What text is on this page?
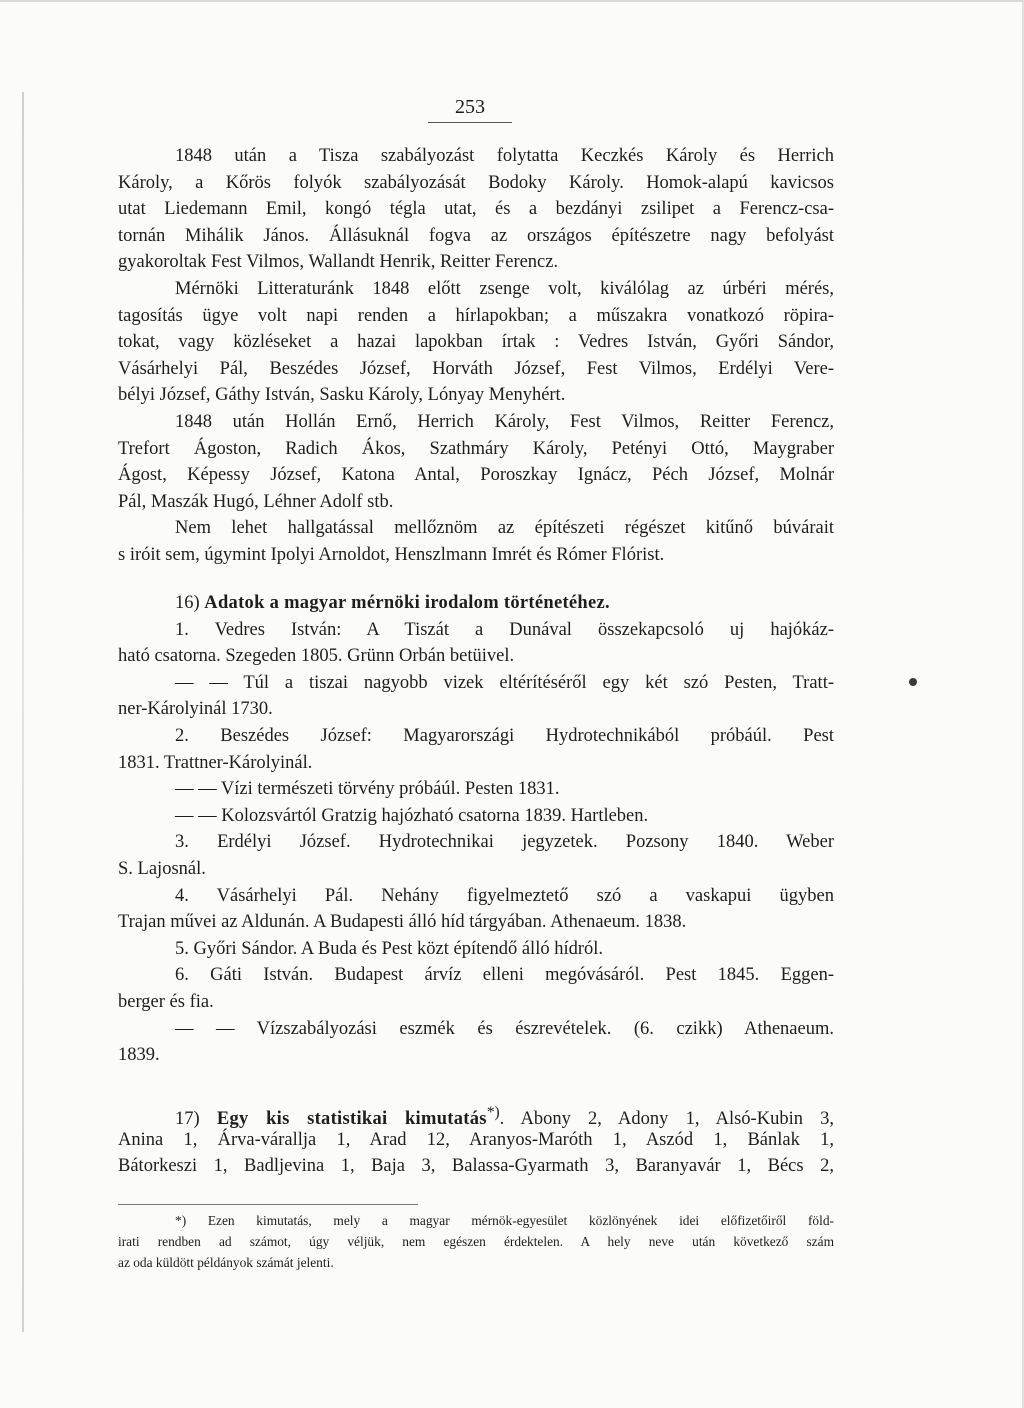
253
1848 után a Tisza szabályozást folytatta Keczkés Károly és Herrich
Károly, a Kőrös folyók szabályozását Bodoky Károly. Homok-alapú kavicsos
utat Liedemann Emil, kongó tégla utat, és a bezdányi zsilipet a Ferencz-csa-
tornán Mihálik János. Állásuknál fogva az országos építészetre nagy befolyást
gyakoroltak Fest Vilmos, Wallandt Henrik, Reitter Ferencz.
Mérnöki Litteraturánk 1848 előtt zsenge volt, kiválólag az úrbéri mérés,
tagosítás ügye volt napi renden a hírlapokban; a műszakra vonatkozó röpira-
tokat, vagy közléseket a hazai lapokban írtak : Vedres István, Győri Sándor,
Vásárhelyi Pál, Beszédes József, Horváth József, Fest Vilmos, Erdélyi Vere-
bélyi József, Gáthy István, Sasku Károly, Lónyay Menyhért.
1848 után Hollán Ernő, Herrich Károly, Fest Vilmos, Reitter Ferencz,
Trefort Ágoston, Radich Ákos, Szathmáry Károly, Petényi Ottó, Maygraber
Ágost, Képessy József, Katona Antal, Poroszkay Ignácz, Péch József, Molnár
Pál, Maszák Hugó, Léhner Adolf stb.
Nem lehet hallgatással mellőznöm az építészeti régészet kitűnő búvárait
s iróit sem, úgymint Ipolyi Arnoldot, Henszlmann Imrét és Rómer Flórist.
16) Adatok a magyar mérnöki irodalom történetéhez.
1. Vedres István: A Tiszát a Dunával összekapcsoló uj hajókáz-
ható csatorna. Szegeden 1805. Grünn Orbán betüivel.
— — Túl a tiszai nagyobb vizek eltérítéséről egy két szó Pesten, Tratt-
ner-Károlyinál 1730.
2. Beszédes József: Magyarországi Hydrotechnikából próbáúl. Pest
1831. Trattner-Károlyinál.
— — Vízi természeti törvény próbáúl. Pesten 1831.
— — Kolozsvártól Gratzig hajózható csatorna 1839. Hartleben.
3. Erdélyi József. Hydrotechnikai jegyzetek. Pozsony 1840. Weber
S. Lajosnál.
4. Vásárhelyi Pál. Nehány figyelmeztető szó a vaskapui ügyben
Trajan művei az Aldunán. A Budapesti álló híd tárgyában. Athenaeum. 1838.
5. Győri Sándor. A Buda és Pest közt építendő álló hídról.
6. Gáti István. Budapest árvíz elleni megóvásáról. Pest 1845. Eggen-
berger és fia.
— — Vízszabályozási eszmék és észrevételek. (6. czikk) Athenaeum.
1839.
17) Egy kis statistikai kimutatás*). Abony 2, Adony 1, Alsó-Kubin 3,
Anina 1, Árva-várallja 1, Arad 12, Aranyos-Maróth 1, Aszód 1, Bánlak 1,
Bátorkeszi 1, Badljevina 1, Baja 3, Balassa-Gyarmath 3, Baranyavár 1, Bécs 2,
*) Ezen kimutatás, mely a magyar mérnök-egyesület közlönyének idei előfizetőiről föld-
irati rendben ad számot, úgy véljük, nem egészen érdektelen. A hely neve után következő szám
az oda küldött példányok számát jelenti.
